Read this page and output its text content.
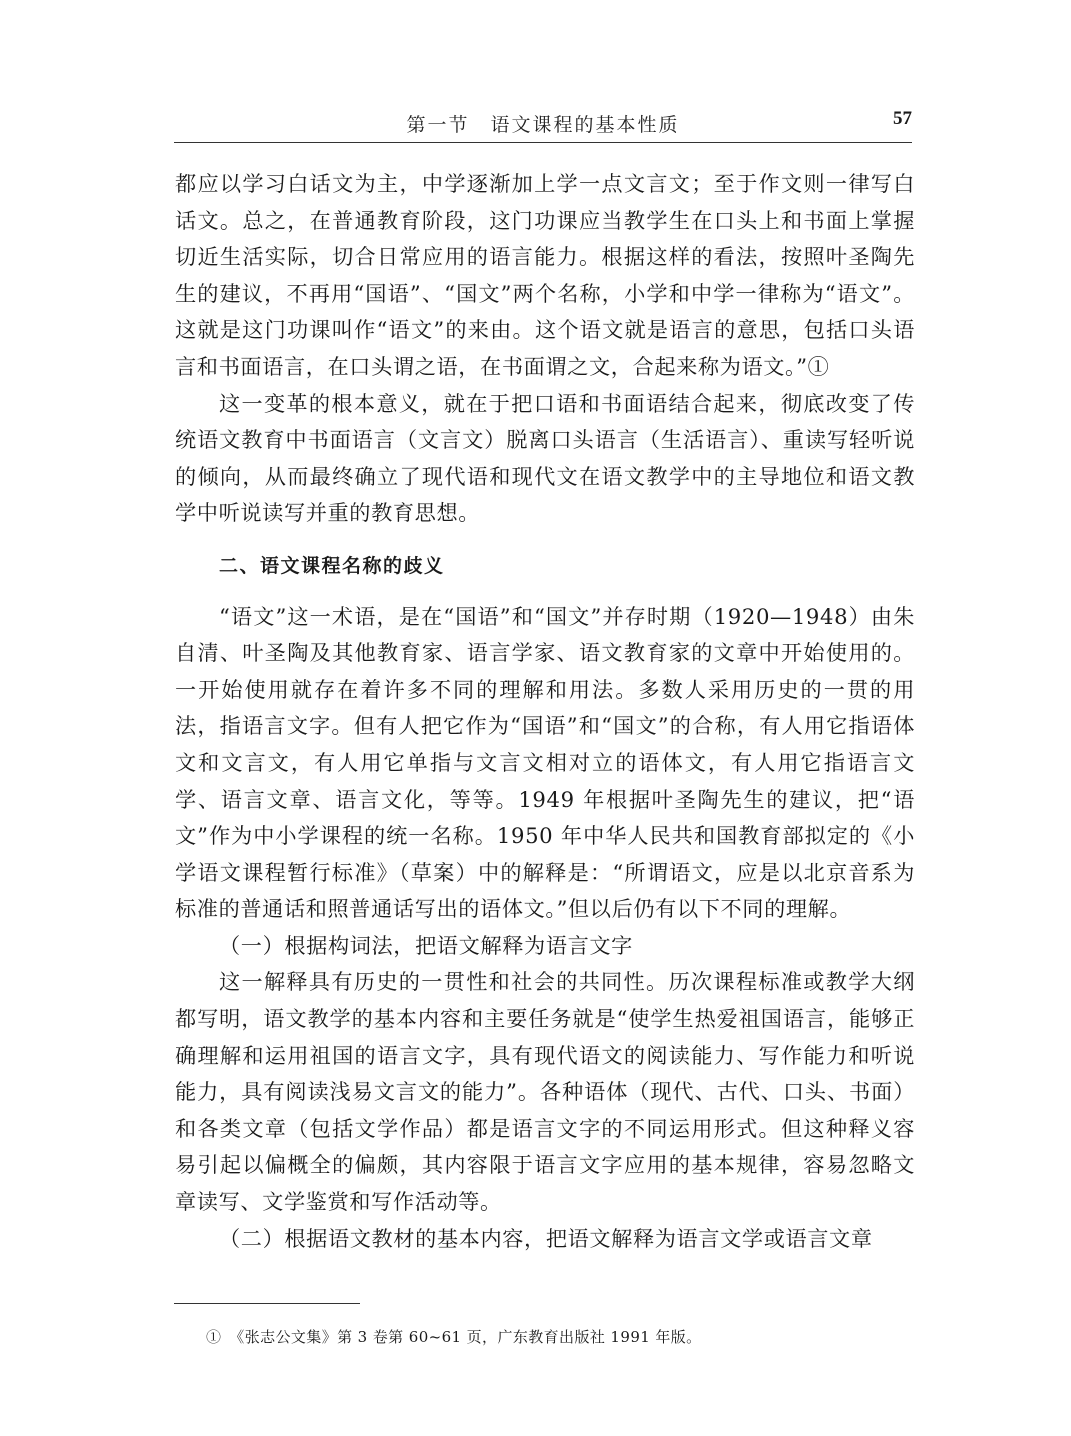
第一节　语文课程的基本性质	57

都应以学习白话文为主，中学逐渐加上学一点文言文；至于作文则一律写白话文。总之，在普通教育阶段，这门功课应当教学生在口头上和书面上掌握切近生活实际，切合日常应用的语言能力。根据这样的看法，按照叶圣陶先生的建议，不再用“国语”、“国文”两个名称，小学和中学一律称为“语文”。这就是这门功课叫作“语文”的来由。这个语文就是语言的意思，包括口头语言和书面语言，在口头谓之语，在书面谓之文，合起来称为语文。”①

这一变革的根本意义，就在于把口语和书面语结合起来，彻底改变了传统语文教育中书面语言（文言文）脱离口头语言（生活语言）、重读写轻听说的倾向，从而最终确立了现代语和现代文在语文教学中的主导地位和语文教学中听说读写并重的教育思想。

二、语文课程名称的歧义

“语文”这一术语，是在“国语”和“国文”并存时期（1920—1948）由朱自清、叶圣陶及其他教育家、语言学家、语文教育家的文章中开始使用的。一开始使用就存在着许多不同的理解和用法。多数人采用历史的一贯的用法，指语言文字。但有人把它作为“国语”和“国文”的合称，有人用它指语体文和文言文，有人用它单指与文言文相对立的语体文，有人用它指语言文学、语言文章、语言文化，等等。1949 年根据叶圣陶先生的建议，把“语文”作为中小学课程的统一名称。1950 年中华人民共和国教育部拟定的《小学语文课程暂行标准》（草案）中的解释是：“所谓语文，应是以北京音系为标准的普通话和照普通话写出的语体文。”但以后仍有以下不同的理解。

（一）根据构词法，把语文解释为语言文字

这一解释具有历史的一贯性和社会的共同性。历次课程标准或教学大纲都写明，语文教学的基本内容和主要任务就是“使学生热爱祖国语言，能够正确理解和运用祖国的语言文字，具有现代语文的阅读能力、写作能力和听说能力，具有阅读浅易文言文的能力”。各种语体（现代、古代、口头、书面）和各类文章（包括文学作品）都是语言文字的不同运用形式。但这种释义容易引起以偏概全的偏颇，其内容限于语言文字应用的基本规律，容易忽略文章读写、文学鉴赏和写作活动等。

（二）根据语文教材的基本内容，把语文解释为语言文学或语言文章

①　《张志公文集》第 3 卷第 60~61 页，广东教育出版社 1991 年版。
